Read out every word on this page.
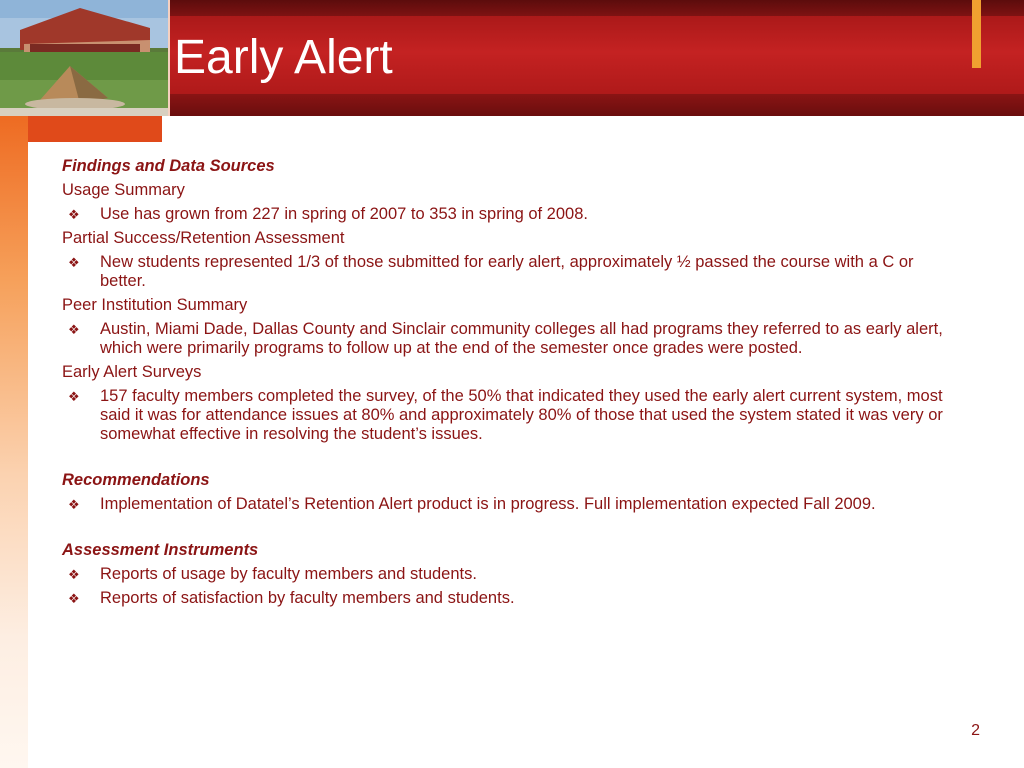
Early Alert
Findings and Data Sources
Usage Summary
❖ Use has grown from 227 in spring of 2007 to 353 in spring of 2008.
Partial Success/Retention Assessment
❖ New students represented 1/3 of those submitted for early alert, approximately ½ passed the course with a C or better.
Peer Institution Summary
❖ Austin, Miami Dade, Dallas County and Sinclair community colleges all had programs they referred to as early alert, which were primarily programs to follow up at the end of the semester once grades were posted.
Early Alert Surveys
❖ 157 faculty members completed the survey, of the 50% that indicated they used the early alert current system, most said it was for attendance issues at 80% and approximately 80% of those that used the system stated it was very or somewhat effective in resolving the student’s issues.
Recommendations
❖ Implementation of Datatel’s Retention Alert product is in progress. Full implementation expected Fall 2009.
Assessment Instruments
❖ Reports of usage by faculty members and students.
❖ Reports of satisfaction by faculty members and students.
2
